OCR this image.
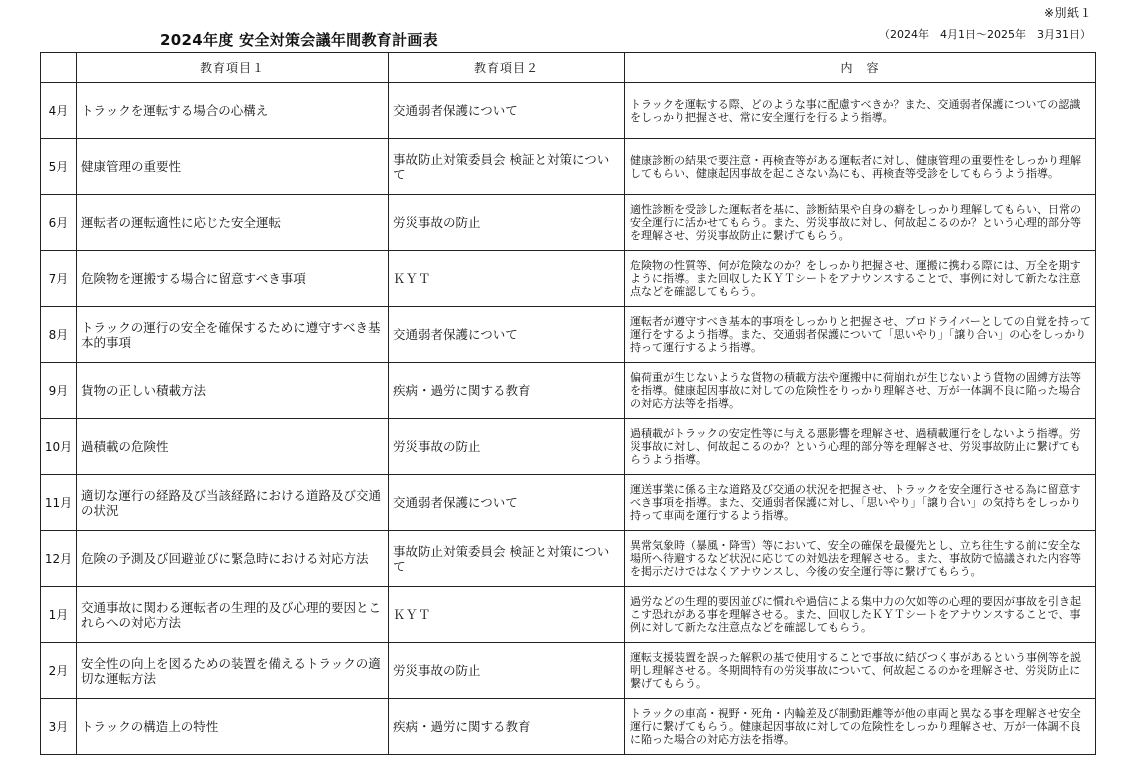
※別紙１
2024年度 安全対策会議年間教育計画表	（2024年　4月1日～2025年　3月31日）
	教育項目１	教育項目２	内　容
4月	トラックを運転する場合の心構え	交通弱者保護について	トラックを運転する際、どのような事に配慮すべきか？また、交通弱者保護についての認識をしっかり把握させ、常に安全運行を行るよう指導。
5月	健康管理の重要性	事故防止対策委員会 検証と対策について	健康診断の結果で要注意・再検査等がある運転者に対し、健康管理の重要性をしっかり理解してもらい、健康起因事故を起こさない為にも、再検査等受診をしてもらうよう指導。
6月	運転者の運転適性に応じた安全運転	労災事故の防止	適性診断を受診した運転者を基に、診断結果や自身の癖をしっかり理解してもらい、日常の安全運行に活かせてもらう。また、労災事故に対し、何故起こるのか？という心理的部分等を理解させ、労災事故防止に繋げてもらう。
7月	危険物を運搬する場合に留意すべき事項	ＫＹＴ	危険物の性質等、何が危険なのか？をしっかり把握させ、運搬に携わる際には、万全を期すように指導。また回収したＫＹＴシートをアナウンスすることで、事例に対して新たな注意点などを確認してもらう。
8月	トラックの運行の安全を確保するために遵守すべき基本的事項	交通弱者保護について	運転者が遵守すべき基本的事項をしっかりと把握させ、プロドライバーとしての自覚を持って運行をするよう指導。また、交通弱者保護について「思いやり」「譲り合い」の心をしっかり持って運行するよう指導。
9月	貨物の正しい積載方法	疾病・過労に関する教育	偏荷重が生じないような貨物の積載方法や運搬中に荷崩れが生じないよう貨物の固縛方法等を指導。健康起因事故に対しての危険性をりっかり理解させ、万が一体調不良に陥った場合の対応方法等を指導。
10月	過積載の危険性	労災事故の防止	過積載がトラックの安定性等に与える悪影響を理解させ、過積載運行をしないよう指導。労災事故に対し、何故起こるのか？という心理的部分等を理解させ、労災事故防止に繋げてもらうよう指導。
11月	適切な運行の経路及び当該経路における道路及び交通の状況	交通弱者保護について	運送事業に係る主な道路及び交通の状況を把握させ、トラックを安全運行させる為に留意すべき事項を指導。また、交通弱者保護に対し、「思いやり」「譲り合い」の気持ちをしっかり持って車両を運行するよう指導。
12月	危険の予測及び回避並びに緊急時における対応方法	事故防止対策委員会 検証と対策について	異常気象時（暴風・降雪）等において、安全の確保を最優先とし、立ち往生する前に安全な場所へ待避するなど状況に応じての対処法を理解させる。また、事故防で協議された内容等を掲示だけではなくアナウンスし、今後の安全運行等に繋げてもらう。
1月	交通事故に関わる運転者の生理的及び心理的要因とこれらへの対応方法	ＫＹＴ	過労などの生理的要因並びに慣れや過信による集中力の欠如等の心理的要因が事故を引き起こす恐れがある事を理解させる。また、回収したＫＹＴシートをアナウンスすることで、事例に対して新たな注意点などを確認してもらう。
2月	安全性の向上を図るための装置を備えるトラックの適切な運転方法	労災事故の防止	運転支援装置を誤った解釈の基で使用することで事故に結びつく事があるという事例等を説明し理解させる。冬期間特有の労災事故について、何故起こるのかを理解させ、労災防止に繋げてもらう。
3月	トラックの構造上の特性	疾病・過労に関する教育	トラックの車高・視野・死角・内輪差及び制動距離等が他の車両と異なる事を理解させ安全運行に繋げてもらう。健康起因事故に対しての危険性をしっかり理解させ、万が一体調不良に陥った場合の対応方法を指導。
